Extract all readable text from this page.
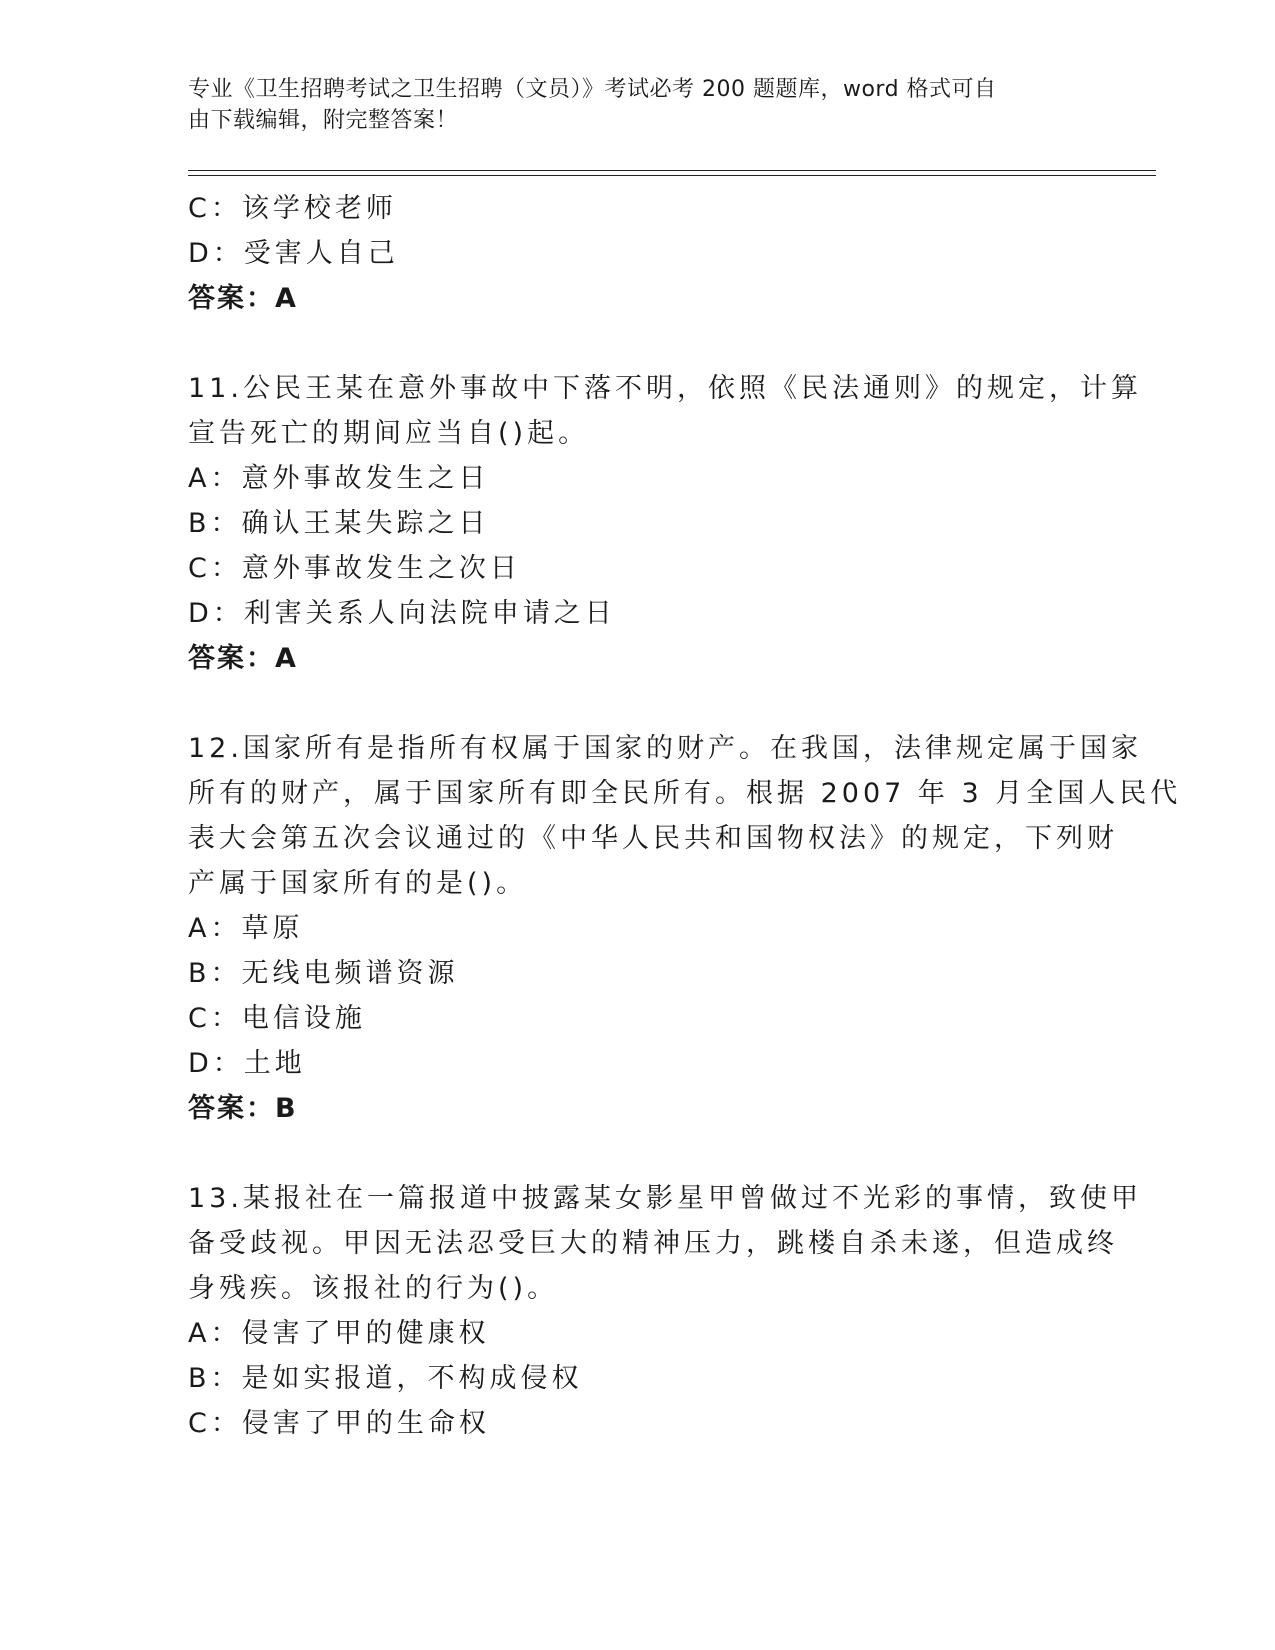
专业《卫生招聘考试之卫生招聘（文员）》考试必考 200 题题库，word 格式可自
由下载编辑，附完整答案！
C：该学校老师
D：受害人自己
答案：A
11.公民王某在意外事故中下落不明，依照《民法通则》的规定，计算
宣告死亡的期间应当自()起。
A：意外事故发生之日
B：确认王某失踪之日
C：意外事故发生之次日
D：利害关系人向法院申请之日
答案：A
12.国家所有是指所有权属于国家的财产。在我国，法律规定属于国家
所有的财产，属于国家所有即全民所有。根据 2007 年 3 月全国人民代
表大会第五次会议通过的《中华人民共和国物权法》的规定，下列财
产属于国家所有的是()。
A：草原
B：无线电频谱资源
C：电信设施
D：土地
答案：B
13.某报社在一篇报道中披露某女影星甲曾做过不光彩的事情，致使甲
备受歧视。甲因无法忍受巨大的精神压力，跳楼自杀未遂，但造成终
身残疾。该报社的行为()。
A：侵害了甲的健康权
B：是如实报道，不构成侵权
C：侵害了甲的生命权
